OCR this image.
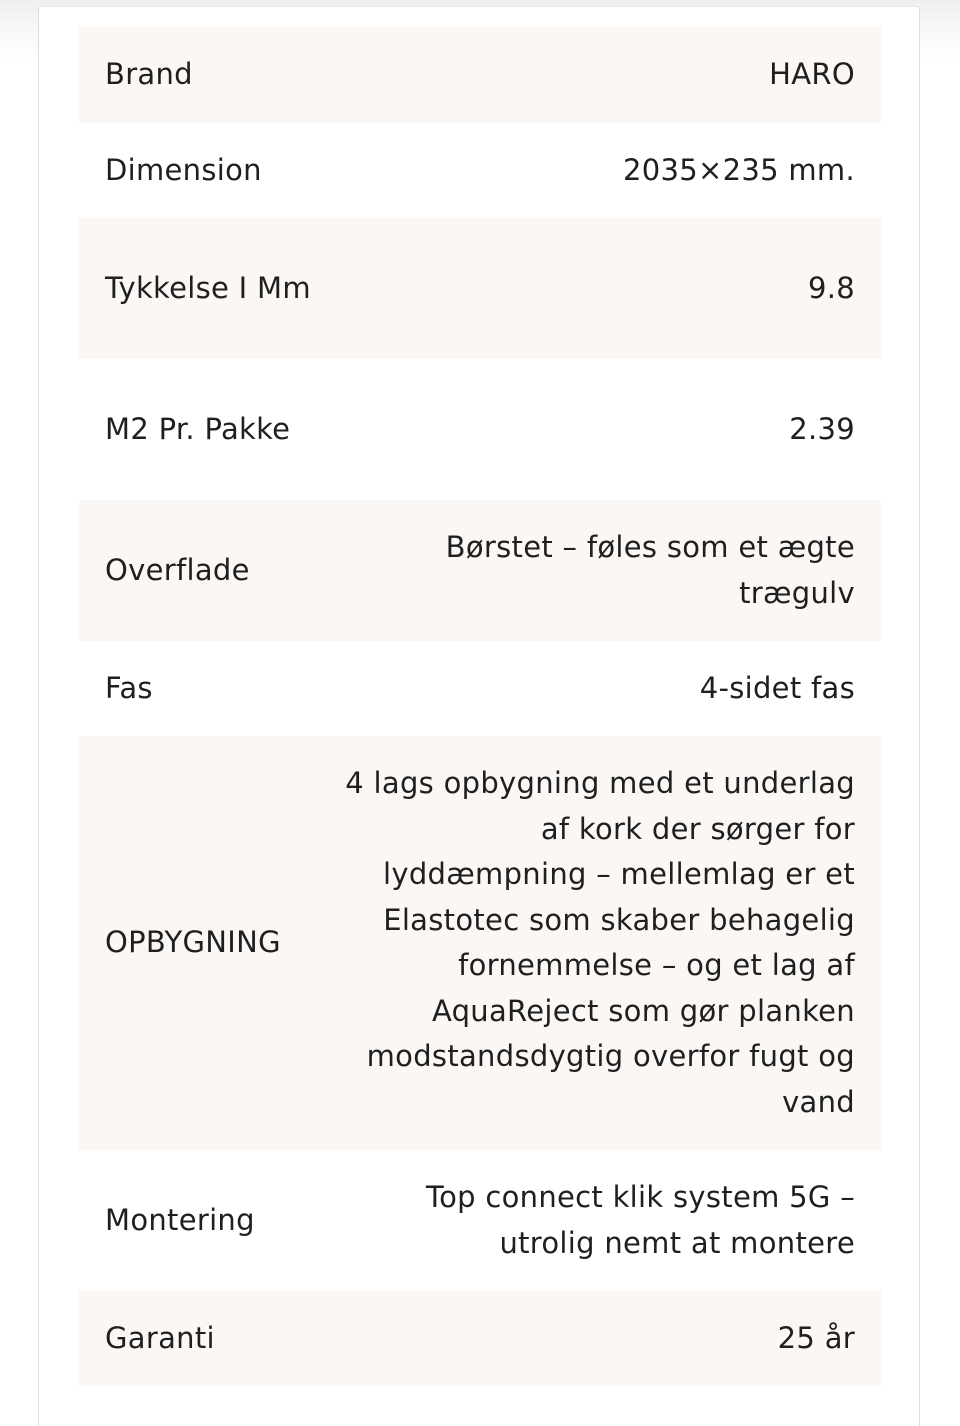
Brand	HARO
Dimension	2035×235 mm.
Tykkelse I Mm	9.8
M2 Pr. Pakke	2.39
Overflade	Børstet – føles som et ægte trægulv
Fas	4-sidet fas
OPBYGNING	4 lags opbygning med et underlag af kork der sørger for lyddæmpning – mellemlag er et Elastotec som skaber behagelig fornemmelse – og et lag af AquaReject som gør planken modstandsdygtig overfor fugt og vand
Montering	Top connect klik system 5G – utrolig nemt at montere
Garanti	25 år
